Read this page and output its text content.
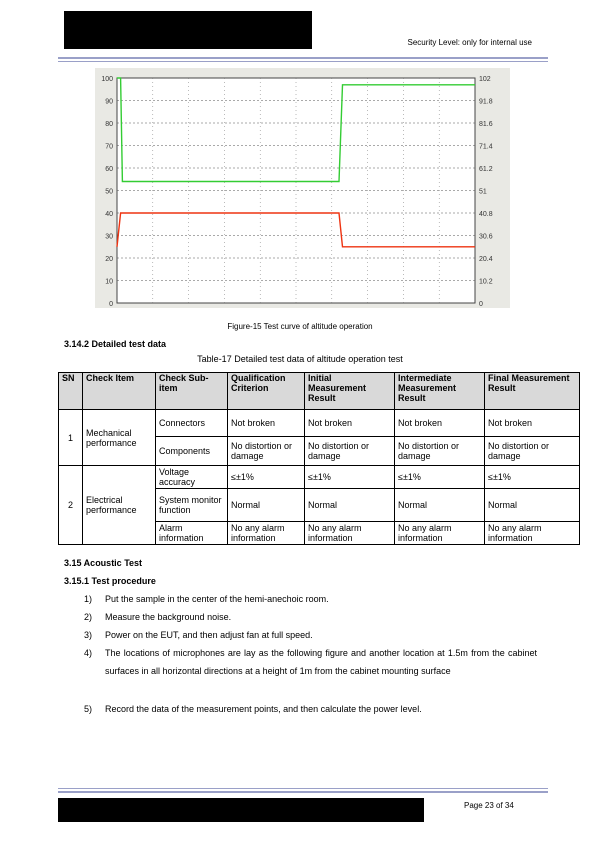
Security Level: only for internal use
0	0
10	10.2
20	20.4
30	30.6
40	40.8
50	51
60	61.2
70	71.4
80	81.6
90	91.8
100	102
Figure-15 Test curve of altitude operation
3.14.2 Detailed test data
Table-17 Detailed test data of altitude operation test
SN	Check Item	Check Sub-item	Qualification Criterion	Initial Measurement Result	Intermediate Measurement Result	Final Measurement Result
1	Mechanical performance	Connectors	Not broken	Not broken	Not broken	Not broken
		Components	No distortion or damage	No distortion or damage	No distortion or damage	No distortion or damage
2	Electrical performance	Voltage accuracy	≤±1%	≤±1%	≤±1%	≤±1%
		System monitor function	Normal	Normal	Normal	Normal
		Alarm information	No any alarm information	No any alarm information	No any alarm information	No any alarm information
3.15 Acoustic Test
3.15.1 Test procedure
1) Put the sample in the center of the hemi-anechoic room.
2) Measure the background noise.
3) Power on the EUT, and then adjust fan at full speed.
4) The locations of microphones are lay as the following figure and another location at 1.5m from the cabinet surfaces in all horizontal directions at a height of 1m from the cabinet mounting surface
5) Record the data of the measurement points, and then calculate the power level.
Page 23 of 34
